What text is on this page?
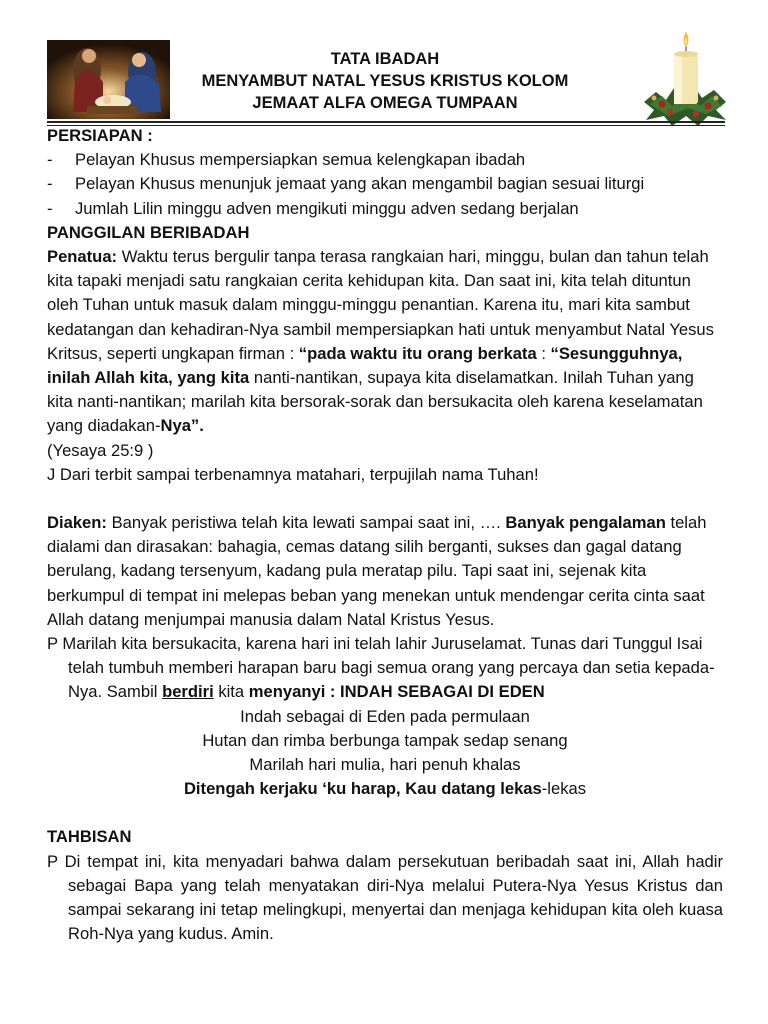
TATA IBADAH
MENYAMBUT NATAL YESUS KRISTUS KOLOM
JEMAAT ALFA OMEGA TUMPAAN
PERSIAPAN :
- Pelayan Khusus mempersiapkan semua kelengkapan ibadah
- Pelayan Khusus menunjuk jemaat yang akan mengambil bagian sesuai liturgi
- Jumlah Lilin minggu adven mengikuti minggu adven sedang berjalan
PANGGILAN BERIBADAH

Penatua: Waktu terus bergulir tanpa terasa rangkaian hari, minggu, bulan dan tahun telah kita tapaki menjadi satu rangkaian cerita kehidupan kita. Dan saat ini, kita telah dituntun oleh Tuhan untuk masuk dalam minggu-minggu penantian. Karena itu, mari kita sambut kedatangan dan kehadiran-Nya sambil mempersiapkan hati untuk menyambut Natal Yesus Kritsus, seperti ungkapan firman : “pada waktu itu orang berkata : “Sesungguhnya, inilah Allah kita, yang kita nanti-nantikan, supaya kita diselamatkan. Inilah Tuhan yang kita nanti-nantikan; marilah kita bersorak-sorak dan bersukacita oleh karena keselamatan yang diadakan-Nya”.

(Yesaya 25:9 )

J Dari terbit sampai terbenamnya matahari, terpujilah nama Tuhan!

Diaken: Banyak peristiwa telah kita lewati sampai saat ini, …. Banyak pengalaman telah dialami dan dirasakan: bahagia, cemas datang silih berganti, sukses dan gagal datang berulang, kadang tersenyum, kadang pula meratap pilu. Tapi saat ini, sejenak kita berkumpul di tempat ini melepas beban yang menekan untuk mendengar cerita cinta saat Allah datang menjumpai manusia dalam Natal Kristus Yesus.

P Marilah kita bersukacita, karena hari ini telah lahir Juruselamat. Tunas dari Tunggul Isai telah tumbuh memberi harapan baru bagi semua orang yang percaya dan setia kepada-Nya. Sambil berdiri kita menyanyi : INDAH SEBAGAI DI EDEN

Indah sebagai di Eden pada permulaan
Hutan dan rimba berbunga tampak sedap senang
Marilah hari mulia, hari penuh khalas
Ditengah kerjaku ‘ku harap, Kau datang lekas-lekas
TAHBISAN

P Di tempat ini, kita menyadari bahwa dalam persekutuan beribadah saat ini, Allah hadir sebagai Bapa yang telah menyatakan diri-Nya melalui Putera-Nya Yesus Kristus dan sampai sekarang ini tetap melingkupi, menyertai dan menjaga kehidupan kita oleh kuasa Roh-Nya yang kudus. Amin.
